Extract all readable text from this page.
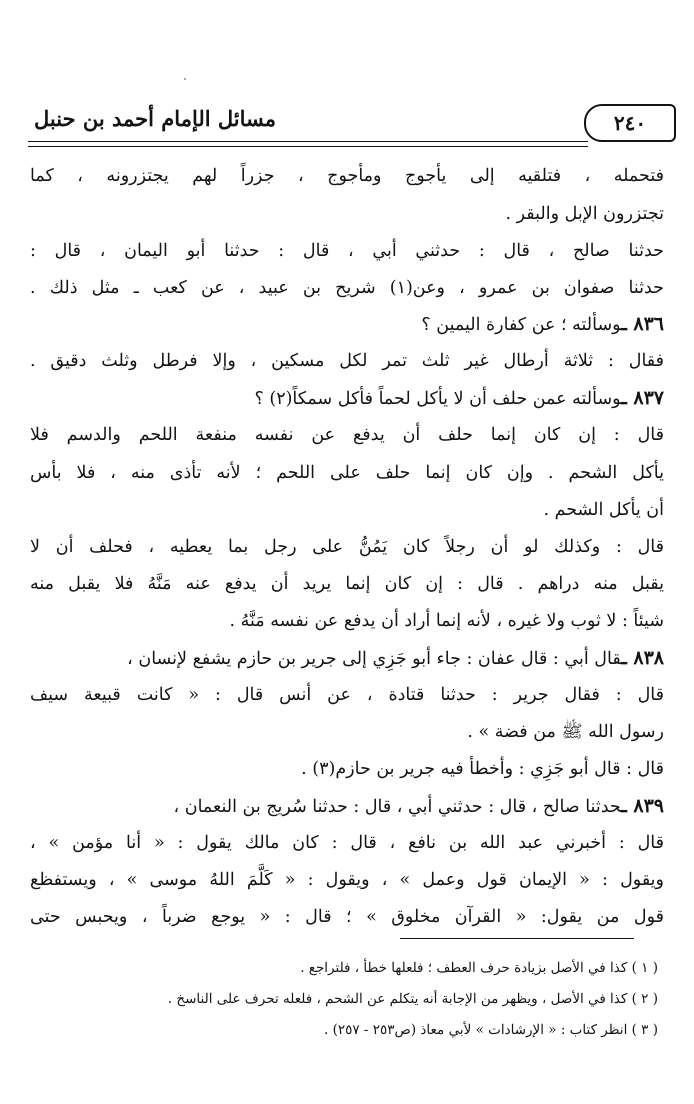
٢٤٠
مسائل الإمام أحمد بن حنبل
فتحمله ، فتلقيه إلى يأجوج ومأجوج ، جزراً لهم يجتزرونه ، كما
تجتزرون الإبل والبقر .
حدثنا صالح ، قال : حدثني أبي ، قال : حدثنا أبو اليمان ، قال :
حدثنا صفوان بن عمرو ، وعن(١) شريح بن عبيد ، عن كعب ـ مثل ذلك .
٨٣٦ ـوسألته ؛ عن كفارة اليمين ؟
فقال : ثلاثة أرطال غير ثلث تمر لكل مسكين ، وإلا فرطل وثلث دقيق .
٨٣٧ ـوسألته عمن حلف أن لا يأكل لحماً فأكل سمكاً(٢) ؟
قال : إن كان إنما حلف أن يدفع عن نفسه منفعة اللحم والدسم فلا
يأكل الشحم . وإن كان إنما حلف على اللحم ؛ لأنه تأذى منه ، فلا بأس
أن يأكل الشحم .
قال : وكذلك لو أن رجلاً كان يَمُنُّ على رجل بما يعطيه ، فحلف أن لا
يقبل منه دراهم . قال : إن كان إنما يريد أن يدفع عنه مَنَّهُ فلا يقبل منه
شيئاً : لا ثوب ولا غيره ، لأنه إنما أراد أن يدفع عن نفسه مَنَّهُ .
٨٣٨ ـقال أبي : قال عفان : جاء أبو جَزِي إلى جرير بن حازم يشفع لإنسان ،
قال : فقال جرير : حدثنا قتادة ، عن أنس قال : « كانت قبيعة سيف
رسول الله ﷺ من فضة » .
قال : قال أبو جَزِي : وأخطأ فيه جرير بن حازم(٣) .
٨٣٩ ـحدثنا صالح ، قال : حدثني أبي ، قال : حدثنا سُريج بن النعمان ،
قال : أخبرني عبد الله بن نافع ، قال : كان مالك يقول : « أنا مؤمن » ،
ويقول : « الإيمان قول وعمل » ، ويقول : « كَلَّمَ اللهُ موسى » ، ويستفظع
قول من يقول: « القرآن مخلوق » ؛ قال : « يوجع ضرباً ، ويحبس حتى
( ١ ) كذا في الأصل بزيادة حرف العطف ؛ فلعلها خطأ ، فلتراجع .
( ٢ ) كذا في الأصل ، ويظهر من الإجابة أنه يتكلم عن الشحم ، فلعله تحرف على الناسخ .
( ٣ ) انظر كتاب : « الإرشادات » لأبي معاذ (ص٢٥٣ - ٢٥٧) .
